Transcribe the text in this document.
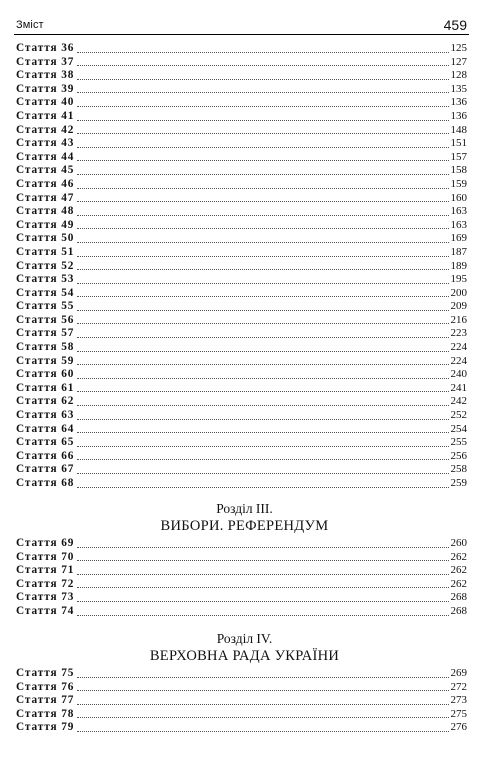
Зміст	459
Стаття 36	125
Стаття 37	127
Стаття 38	128
Стаття 39	135
Стаття 40	136
Стаття 41	136
Стаття 42	148
Стаття 43	151
Стаття 44	157
Стаття 45	158
Стаття 46	159
Стаття 47	160
Стаття 48	163
Стаття 49	163
Стаття 50	169
Стаття 51	187
Стаття 52	189
Стаття 53	195
Стаття 54	200
Стаття 55	209
Стаття 56	216
Стаття 57	223
Стаття 58	224
Стаття 59	224
Стаття 60	240
Стаття 61	241
Стаття 62	242
Стаття 63	252
Стаття 64	254
Стаття 65	255
Стаття 66	256
Стаття 67	258
Стаття 68	259
Розділ ІІІ.
ВИБОРИ. РЕФЕРЕНДУМ
Стаття 69	260
Стаття 70	262
Стаття 71	262
Стаття 72	262
Стаття 73	268
Стаття 74	268
Розділ IV.
ВЕРХОВНА РАДА УКРАЇНИ
Стаття 75	269
Стаття 76	272
Стаття 77	273
Стаття 78	275
Стаття 79	276
